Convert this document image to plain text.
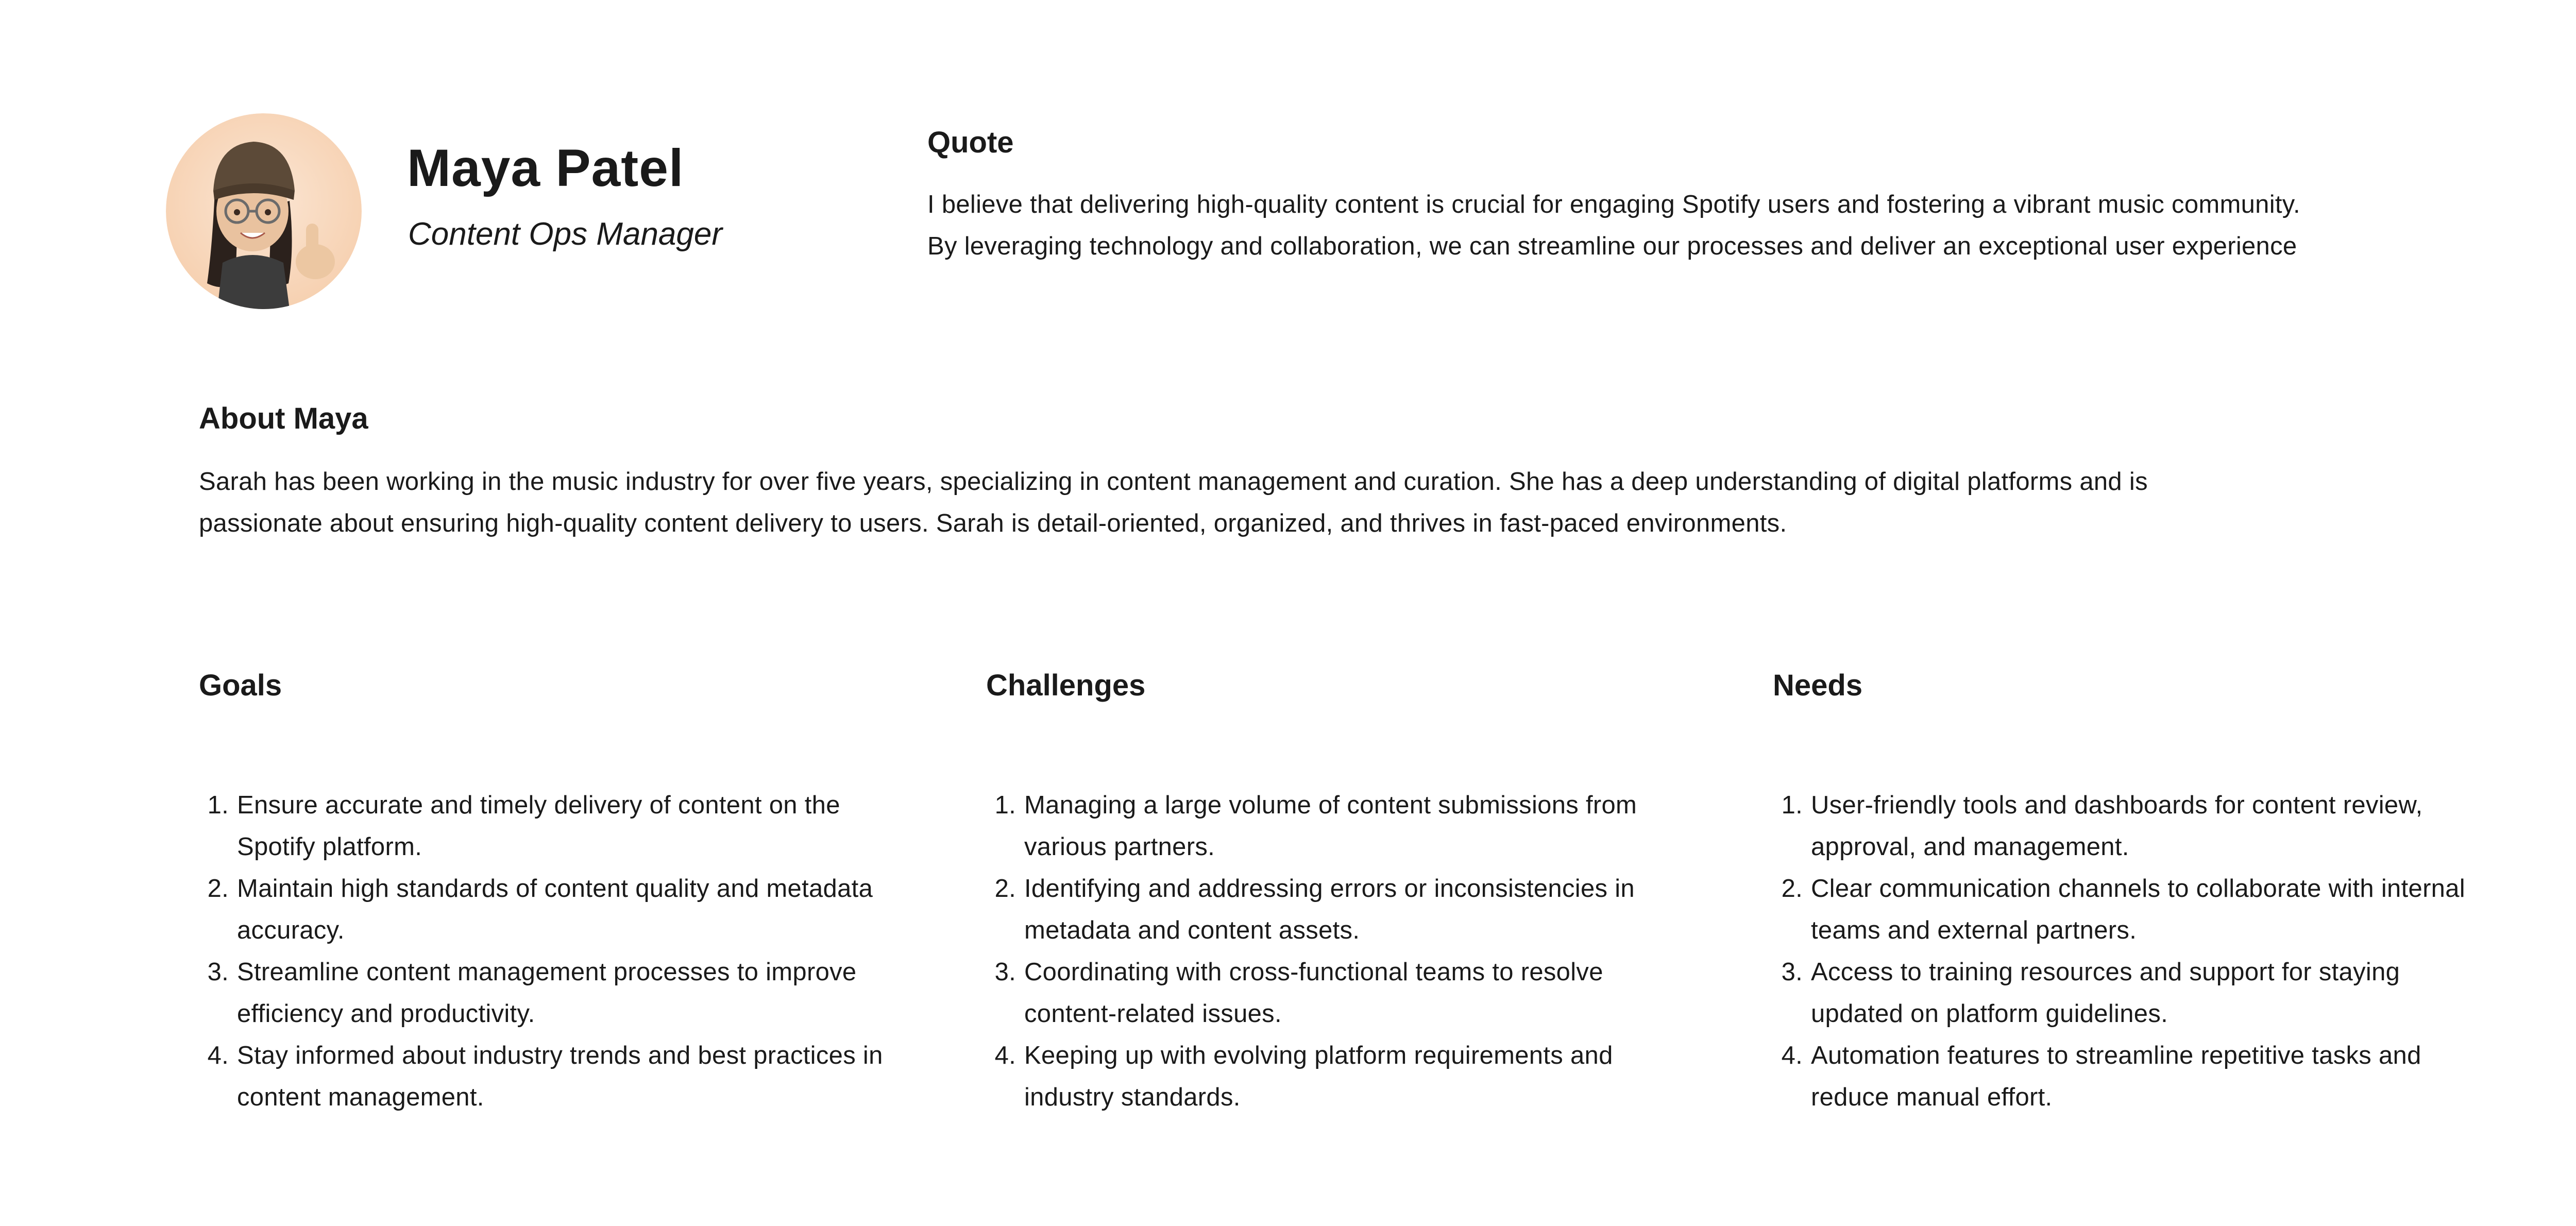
Maya Patel
Content Ops Manager
Quote

I believe that delivering high-quality content is crucial for engaging Spotify users and fostering a vibrant music community.
By leveraging technology and collaboration, we can streamline our processes and deliver an exceptional user experience

About Maya

Sarah has been working in the music industry for over five years, specializing in content management and curation. She has a deep understanding of digital platforms and is
passionate about ensuring high-quality content delivery to users. Sarah is detail-oriented, organized, and thrives in fast-paced environments.

Goals
1. Ensure accurate and timely delivery of content on the Spotify platform.
2. Maintain high standards of content quality and metadata accuracy.
3. Streamline content management processes to improve efficiency and productivity.
4. Stay informed about industry trends and best practices in content management.
Challenges
1. Managing a large volume of content submissions from various partners.
2. Identifying and addressing errors or inconsistencies in metadata and content assets.
3. Coordinating with cross-functional teams to resolve content-related issues.
4. Keeping up with evolving platform requirements and industry standards.
Needs
1. User-friendly tools and dashboards for content review, approval, and management.
2. Clear communication channels to collaborate with internal teams and external partners.
3. Access to training resources and support for staying updated on platform guidelines.
4. Automation features to streamline repetitive tasks and reduce manual effort.
